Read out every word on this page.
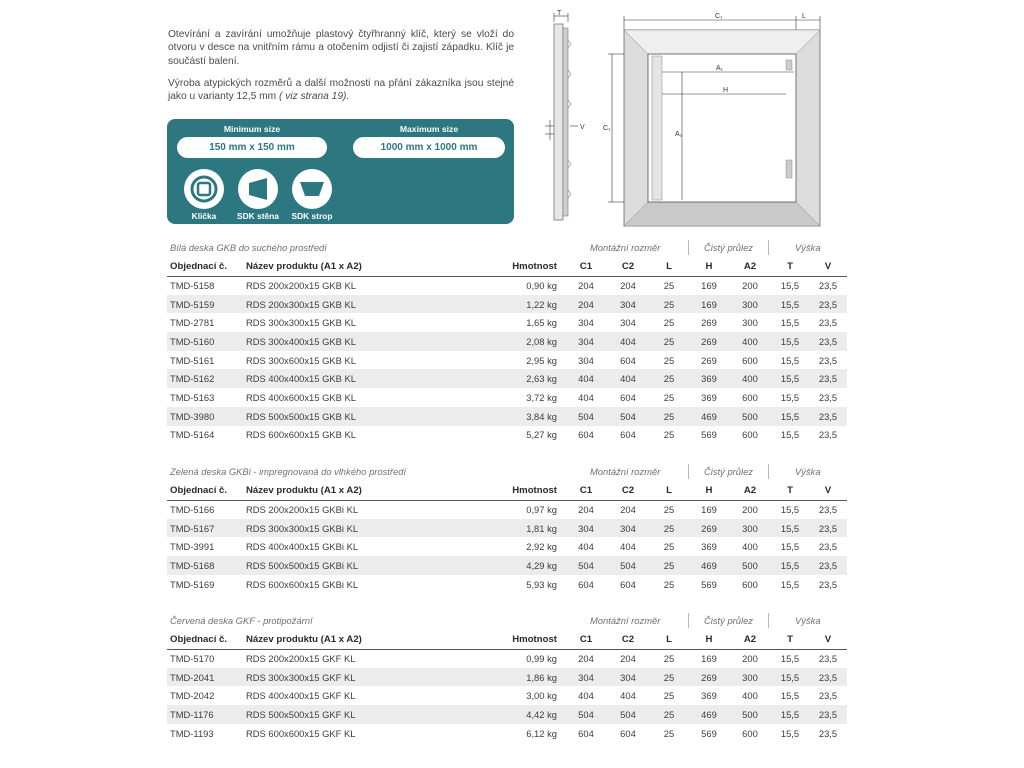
Otevírání a zavírání umožňuje plastový čtyřhranný klíč, který se vloží do otvoru v desce na vnitřním rámu a otočením odjistí či zajistí západku. Klíč je součástí balení.

Výroba atypických rozměrů a další možnosti na přání zákazníka jsou stejné jako u varianty 12,5 mm ( viz strana 19).

Minimum size
150 mm x 150 mm
Maximum size
1000 mm x 1000 mm
Klička	SDK stěna	SDK strop
T
V
C₁	L
A₁
H
C₁
A₂
Bílá deska GKB do suchého prostředí	Montážní rozměr	Čistý průlez	Výška
Objednací č.	Název produktu (A1 x A2)	Hmotnost	C1	C2	L	H	A2	T	V
TMD-5158	RDS 200x200x15 GKB KL	0,90 kg	204	204	25	169	200	15,5	23,5
TMD-5159	RDS 200x300x15 GKB KL	1,22 kg	204	304	25	169	300	15,5	23,5
TMD-2781	RDS 300x300x15 GKB KL	1,65 kg	304	304	25	269	300	15,5	23,5
TMD-5160	RDS 300x400x15 GKB KL	2,08 kg	304	404	25	269	400	15,5	23,5
TMD-5161	RDS 300x600x15 GKB KL	2,95 kg	304	604	25	269	600	15,5	23,5
TMD-5162	RDS 400x400x15 GKB KL	2,63 kg	404	404	25	369	400	15,5	23,5
TMD-5163	RDS 400x600x15 GKB KL	3,72 kg	404	604	25	369	600	15,5	23,5
TMD-3980	RDS 500x500x15 GKB KL	3,84 kg	504	504	25	469	500	15,5	23,5
TMD-5164	RDS 600x600x15 GKB KL	5,27 kg	604	604	25	569	600	15,5	23,5
Zelená deska GKBi - impregnovaná do vlhkého prostředí	Montážní rozměr	Čistý průlez	Výška
Objednací č.	Název produktu (A1 x A2)	Hmotnost	C1	C2	L	H	A2	T	V
TMD-5166	RDS 200x200x15 GKBi KL	0,97 kg	204	204	25	169	200	15,5	23,5
TMD-5167	RDS 300x300x15 GKBi KL	1,81 kg	304	304	25	269	300	15,5	23,5
TMD-3991	RDS 400x400x15 GKBi KL	2,92 kg	404	404	25	369	400	15,5	23,5
TMD-5168	RDS 500x500x15 GKBi KL	4,29 kg	504	504	25	469	500	15,5	23,5
TMD-5169	RDS 600x600x15 GKBi KL	5,93 kg	604	604	25	569	600	15,5	23,5
Červená deska GKF - protipožární	Montážní rozměr	Čistý průlez	Výška
Objednací č.	Název produktu (A1 x A2)	Hmotnost	C1	C2	L	H	A2	T	V
TMD-5170	RDS 200x200x15 GKF KL	0,99 kg	204	204	25	169	200	15,5	23,5
TMD-2041	RDS 300x300x15 GKF KL	1,86 kg	304	304	25	269	300	15,5	23,5
TMD-2042	RDS 400x400x15 GKF KL	3,00 kg	404	404	25	369	400	15,5	23,5
TMD-1176	RDS 500x500x15 GKF KL	4,42 kg	504	504	25	469	500	15,5	23,5
TMD-1193	RDS 600x600x15 GKF KL	6,12 kg	604	604	25	569	600	15,5	23,5
